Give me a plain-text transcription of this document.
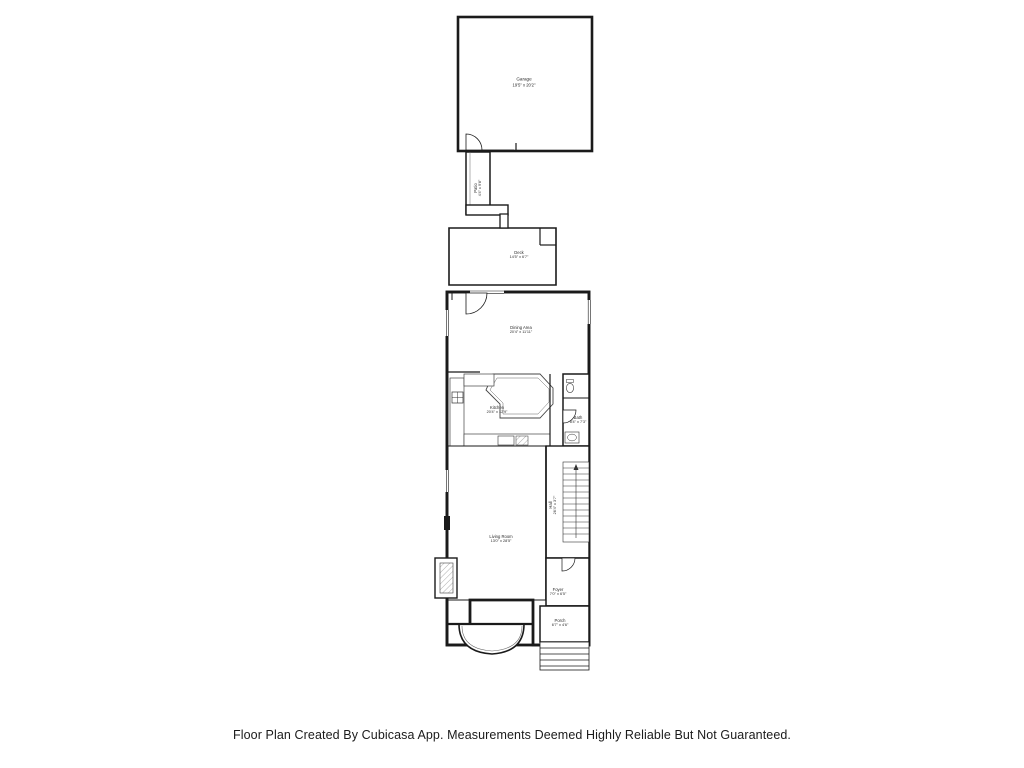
Garage
19'5" x 20'2"
Patio 4'4" x 9'8"
Deck
14'5" x 6'7"
Dining Area
20'4" x 11'11"
Kitchen
20'4" x 12'9"
Bath
8'4" x 7'3"
Hall 26'4" x 3'7"
Living Room
13'0" x 28'5"
Foyer
7'0" x 6'5"
Porch
6'7" x 4'6"
Floor Plan Created By Cubicasa App. Measurements Deemed Highly Reliable But Not Guaranteed.
